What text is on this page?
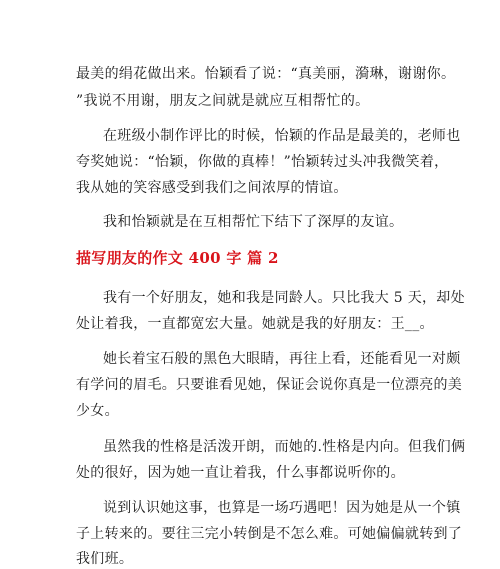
最美的绢花做出来。怡颖看了说：“真美丽，漪琳，谢谢你。
”我说不用谢，朋友之间就是就应互相帮忙的。
在班级小制作评比的时候，怡颖的作品是最美的，老师也
夸奖她说：“怡颖，你做的真棒！”怡颖转过头冲我微笑着，
我从她的笑容感受到我们之间浓厚的情谊。
我和怡颖就是在互相帮忙下结下了深厚的友谊。
描写朋友的作文 400 字 篇 2
我有一个好朋友，她和我是同龄人。只比我大 5 天，却处
处让着我，一直都宽宏大量。她就是我的好朋友：王__。
她长着宝石般的黑色大眼睛，再往上看，还能看见一对颇
有学问的眉毛。只要谁看见她，保证会说你真是一位漂亮的美
少女。
虽然我的性格是活泼开朗，而她的.性格是内向。但我们俩
处的很好，因为她一直让着我，什么事都说听你的。
说到认识她这事，也算是一场巧遇吧！因为她是从一个镇
子上转来的。要往三完小转倒是不怎么难。可她偏偏就转到了
我们班。
